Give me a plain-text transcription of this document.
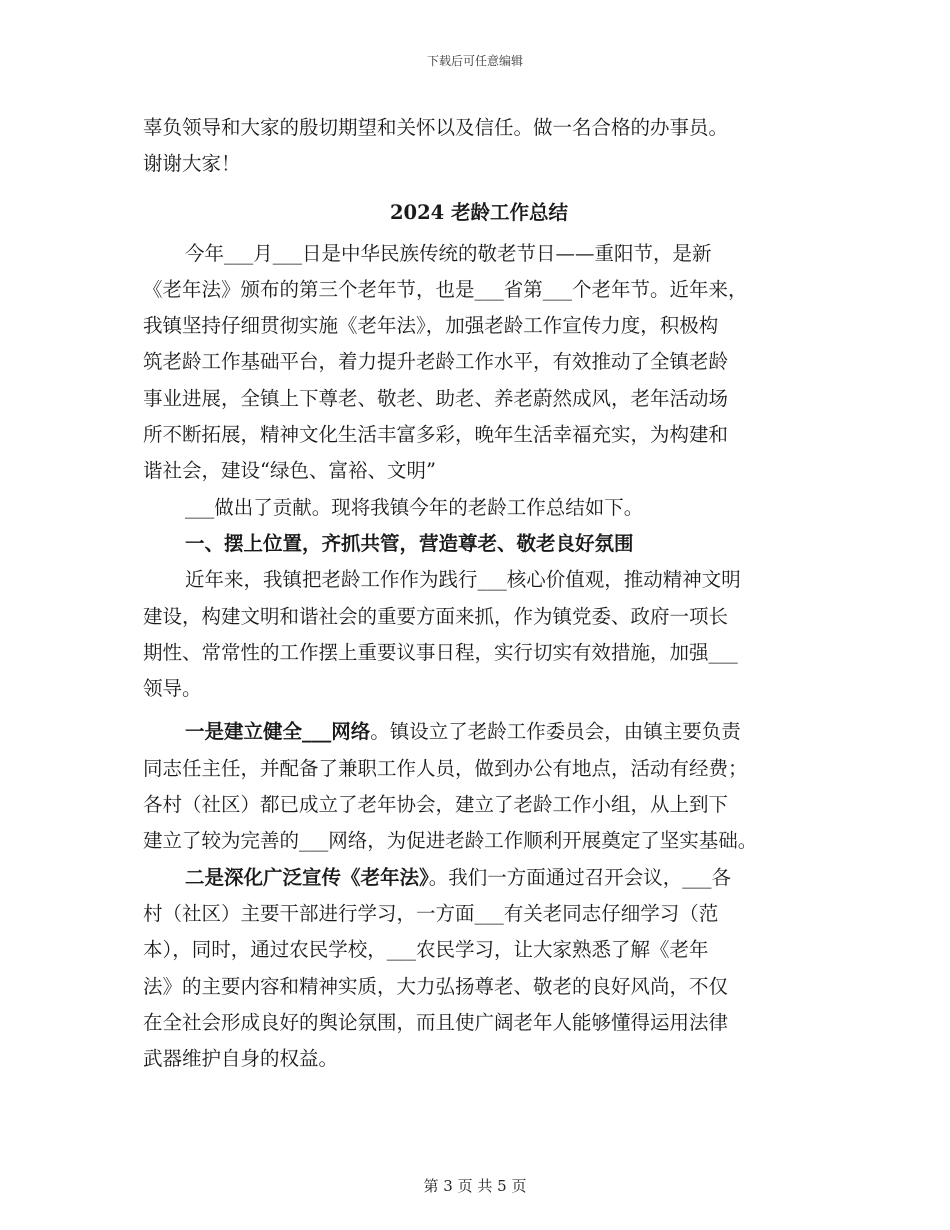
下载后可任意编辑
辜负领导和大家的殷切期望和关怀以及信任。做一名合格的办事员。
谢谢大家！
2024 老龄工作总结
今年___月___日是中华民族传统的敬老节日——重阳节，是新
《老年法》颁布的第三个老年节，也是___省第___个老年节。近年来，
我镇坚持仔细贯彻实施《老年法》，加强老龄工作宣传力度，积极构
筑老龄工作基础平台，着力提升老龄工作水平，有效推动了全镇老龄
事业进展，全镇上下尊老、敬老、助老、养老蔚然成风，老年活动场
所不断拓展，精神文化生活丰富多彩，晚年生活幸福充实，为构建和
谐社会，建设“绿色、富裕、文明”
___做出了贡献。现将我镇今年的老龄工作总结如下。
一、摆上位置，齐抓共管，营造尊老、敬老良好氛围
近年来，我镇把老龄工作作为践行___核心价值观，推动精神文明
建设，构建文明和谐社会的重要方面来抓，作为镇党委、政府一项长
期性、常常性的工作摆上重要议事日程，实行切实有效措施，加强___
领导。
一是建立健全___网络。镇设立了老龄工作委员会，由镇主要负责
同志任主任，并配备了兼职工作人员，做到办公有地点，活动有经费；
各村（社区）都已成立了老年协会，建立了老龄工作小组，从上到下
建立了较为完善的___网络，为促进老龄工作顺利开展奠定了坚实基础。
二是深化广泛宣传《老年法》。我们一方面通过召开会议，___各
村（社区）主要干部进行学习，一方面___有关老同志仔细学习（范
本），同时，通过农民学校，___农民学习，让大家熟悉了解《老年
法》的主要内容和精神实质，大力弘扬尊老、敬老的良好风尚，不仅
在全社会形成良好的舆论氛围，而且使广阔老年人能够懂得运用法律
武器维护自身的权益。
第 3 页 共 5 页
